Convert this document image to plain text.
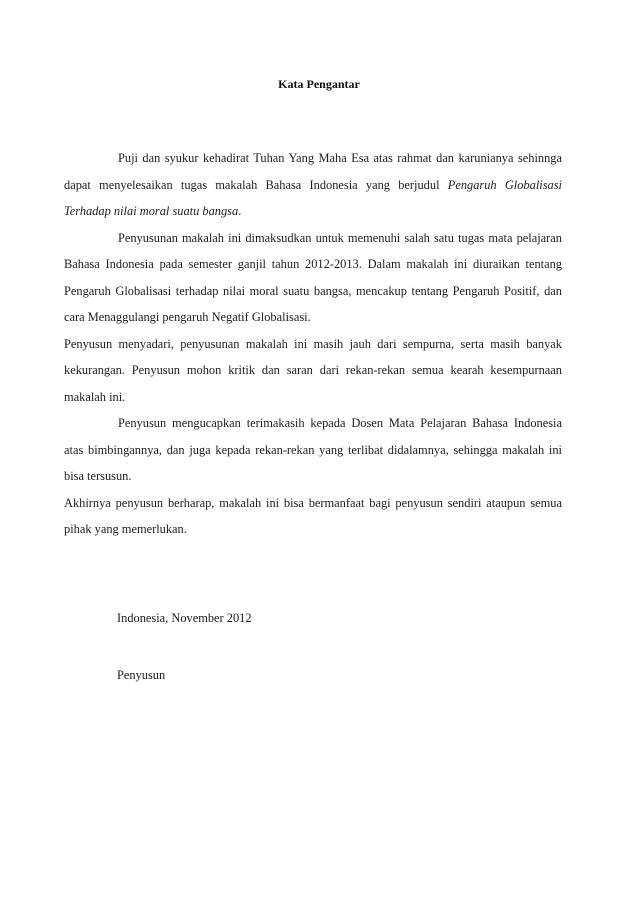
Kata Pengantar

Puji dan syukur kehadirat Tuhan Yang Maha Esa atas rahmat dan karunianya sehinnga dapat menyelesaikan tugas makalah Bahasa Indonesia yang berjudul Pengaruh Globalisasi Terhadap nilai moral suatu bangsa.

Penyusunan makalah ini dimaksudkan untuk memenuhi salah satu tugas mata pelajaran Bahasa Indonesia pada semester ganjil tahun 2012-2013. Dalam makalah ini diuraikan tentang Pengaruh Globalisasi terhadap nilai moral suatu bangsa, mencakup tentang Pengaruh Positif, dan cara Menaggulangi pengaruh Negatif Globalisasi.

Penyusun menyadari, penyusunan makalah ini masih jauh dari sempurna, serta masih banyak kekurangan. Penyusun mohon kritik dan saran dari rekan-rekan semua kearah kesempurnaan makalah ini.

Penyusun mengucapkan terimakasih kepada Dosen Mata Pelajaran Bahasa Indonesia atas bimbingannya, dan juga kepada rekan-rekan yang terlibat didalamnya, sehingga makalah ini bisa tersusun.

Akhirnya penyusun berharap, makalah ini bisa bermanfaat bagi penyusun sendiri ataupun semua pihak yang memerlukan.

Indonesia, November 2012
Penyusun
